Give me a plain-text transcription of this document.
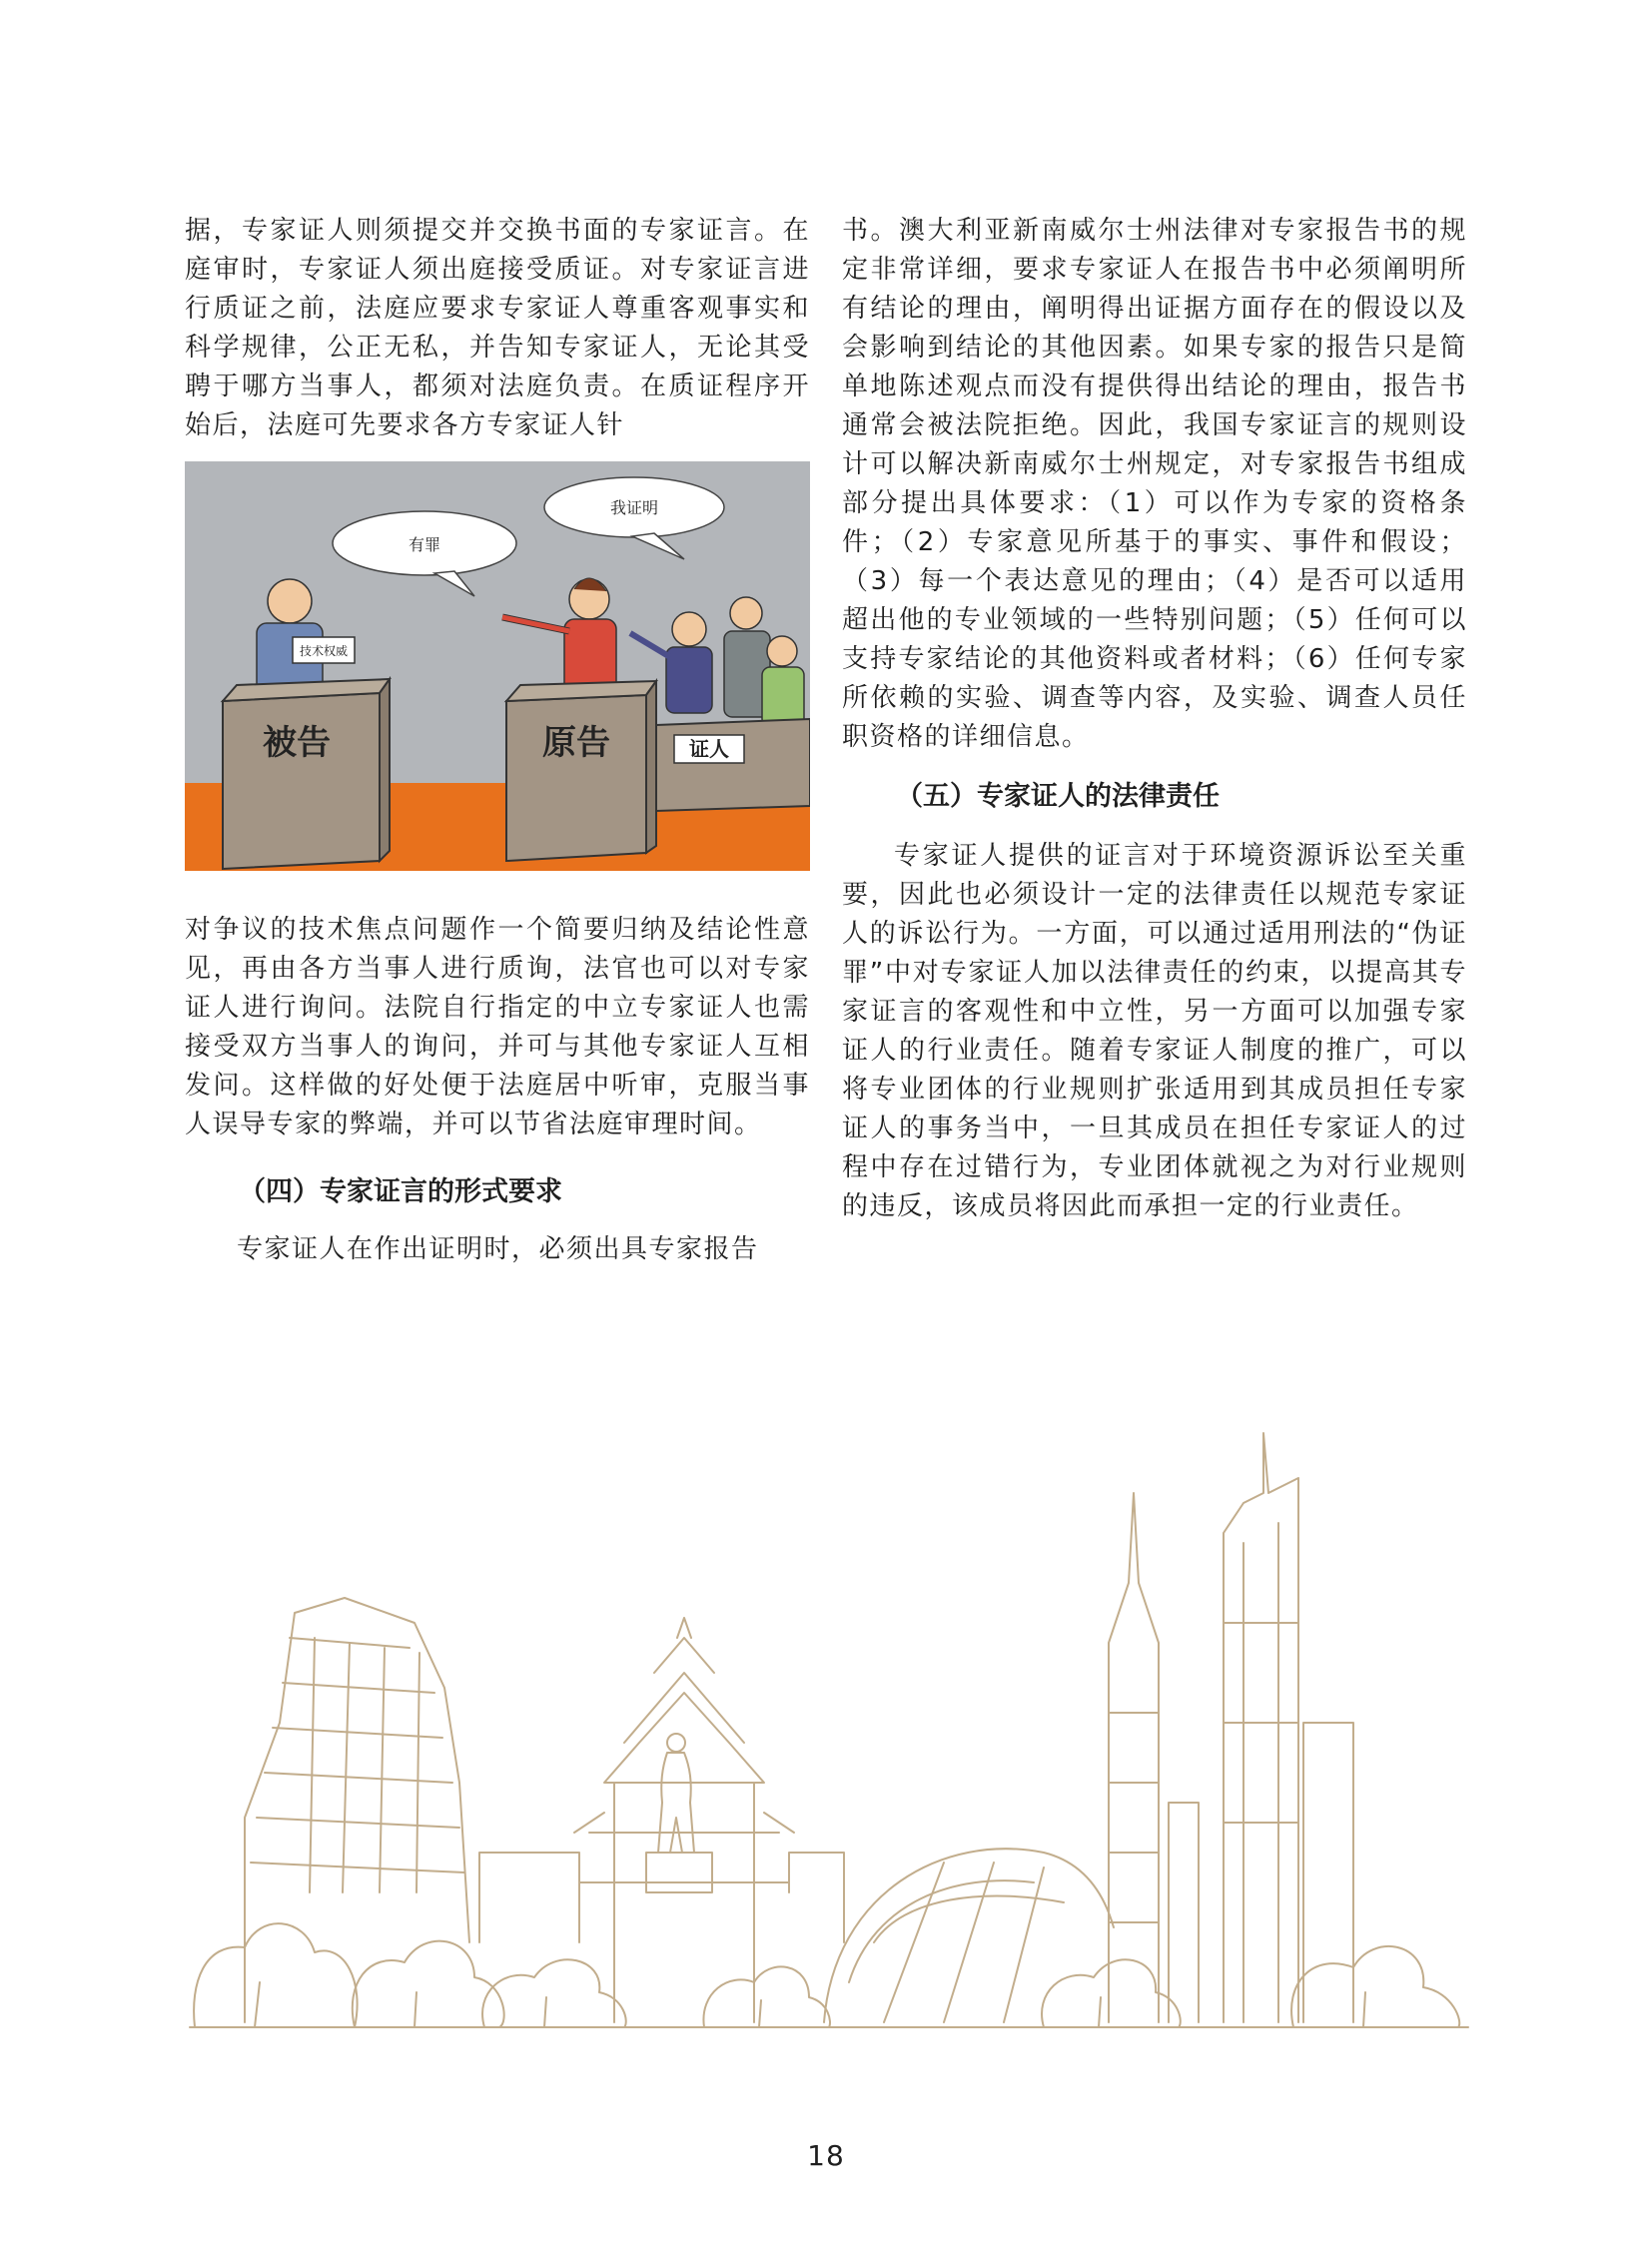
据，专家证人则须提交并交换书面的专家证言。在庭审时，专家证人须出庭接受质证。对专家证言进行质证之前，法庭应要求专家证人尊重客观事实和科学规律，公正无私，并告知专家证人，无论其受聘于哪方当事人，都须对法庭负责。在质证程序开始后，法庭可先要求各方专家证人针

有罪
我证明
技术权威
被告	原告	证人

对争议的技术焦点问题作一个简要归纳及结论性意见，再由各方当事人进行质询，法官也可以对专家证人进行询问。法院自行指定的中立专家证人也需接受双方当事人的询问，并可与其他专家证人互相发问。这样做的好处便于法庭居中听审，克服当事人误导专家的弊端，并可以节省法庭审理时间。

（四）专家证言的形式要求

专家证人在作出证明时，必须出具专家报告

书。澳大利亚新南威尔士州法律对专家报告书的规定非常详细，要求专家证人在报告书中必须阐明所有结论的理由，阐明得出证据方面存在的假设以及会影响到结论的其他因素。如果专家的报告只是简单地陈述观点而没有提供得出结论的理由，报告书通常会被法院拒绝。因此，我国专家证言的规则设计可以解决新南威尔士州规定，对专家报告书组成部分提出具体要求：（1）可以作为专家的资格条件；（2）专家意见所基于的事实、事件和假设；（3）每一个表达意见的理由；（4）是否可以适用超出他的专业领域的一些特别问题；（5）任何可以支持专家结论的其他资料或者材料；（6）任何专家所依赖的实验、调查等内容，及实验、调查人员任职资格的详细信息。

（五）专家证人的法律责任

专家证人提供的证言对于环境资源诉讼至关重要，因此也必须设计一定的法律责任以规范专家证人的诉讼行为。一方面，可以通过适用刑法的“伪证罪”中对专家证人加以法律责任的约束，以提高其专家证言的客观性和中立性，另一方面可以加强专家证人的行业责任。随着专家证人制度的推广，可以将专业团体的行业规则扩张适用到其成员担任专家证人的事务当中，一旦其成员在担任专家证人的过程中存在过错行为，专业团体就视之为对行业规则的违反，该成员将因此而承担一定的行业责任。

18
